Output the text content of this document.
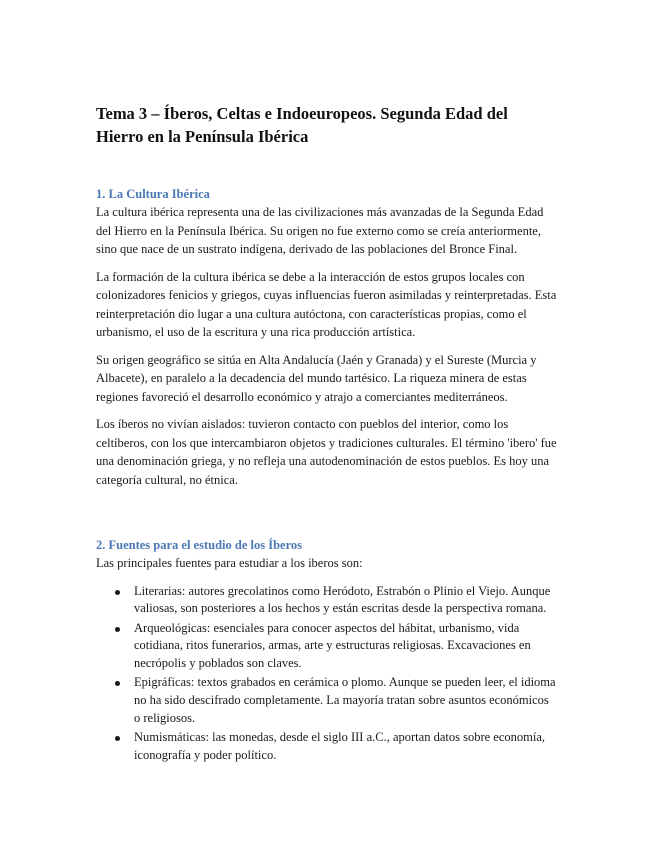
Tema 3 – Íberos, Celtas e Indoeuropeos. Segunda Edad del Hierro en la Península Ibérica
1. La Cultura Ibérica

La cultura ibérica representa una de las civilizaciones más avanzadas de la Segunda Edad del Hierro en la Península Ibérica. Su origen no fue externo como se creía anteriormente, sino que nace de un sustrato indígena, derivado de las poblaciones del Bronce Final.

La formación de la cultura ibérica se debe a la interacción de estos grupos locales con colonizadores fenicios y griegos, cuyas influencias fueron asimiladas y reinterpretadas. Esta reinterpretación dio lugar a una cultura autóctona, con características propias, como el urbanismo, el uso de la escritura y una rica producción artística.

Su origen geográfico se sitúa en Alta Andalucía (Jaén y Granada) y el Sureste (Murcia y Albacete), en paralelo a la decadencia del mundo tartésico. La riqueza minera de estas regiones favoreció el desarrollo económico y atrajo a comerciantes mediterráneos.

Los íberos no vivían aislados: tuvieron contacto con pueblos del interior, como los celtíberos, con los que intercambiaron objetos y tradiciones culturales. El término 'ibero' fue una denominación griega, y no refleja una autodenominación de estos pueblos. Es hoy una categoría cultural, no étnica.

2. Fuentes para el estudio de los Íberos

Las principales fuentes para estudiar a los iberos son:

Literarias: autores grecolatinos como Heródoto, Estrabón o Plinio el Viejo. Aunque valiosas, son posteriores a los hechos y están escritas desde la perspectiva romana.
Arqueológicas: esenciales para conocer aspectos del hábitat, urbanismo, vida cotidiana, ritos funerarios, armas, arte y estructuras religiosas. Excavaciones en necrópolis y poblados son claves.
Epigráficas: textos grabados en cerámica o plomo. Aunque se pueden leer, el idioma no ha sido descifrado completamente. La mayoría tratan sobre asuntos económicos o religiosos.
Numismáticas: las monedas, desde el siglo III a.C., aportan datos sobre economía, iconografía y poder político.
